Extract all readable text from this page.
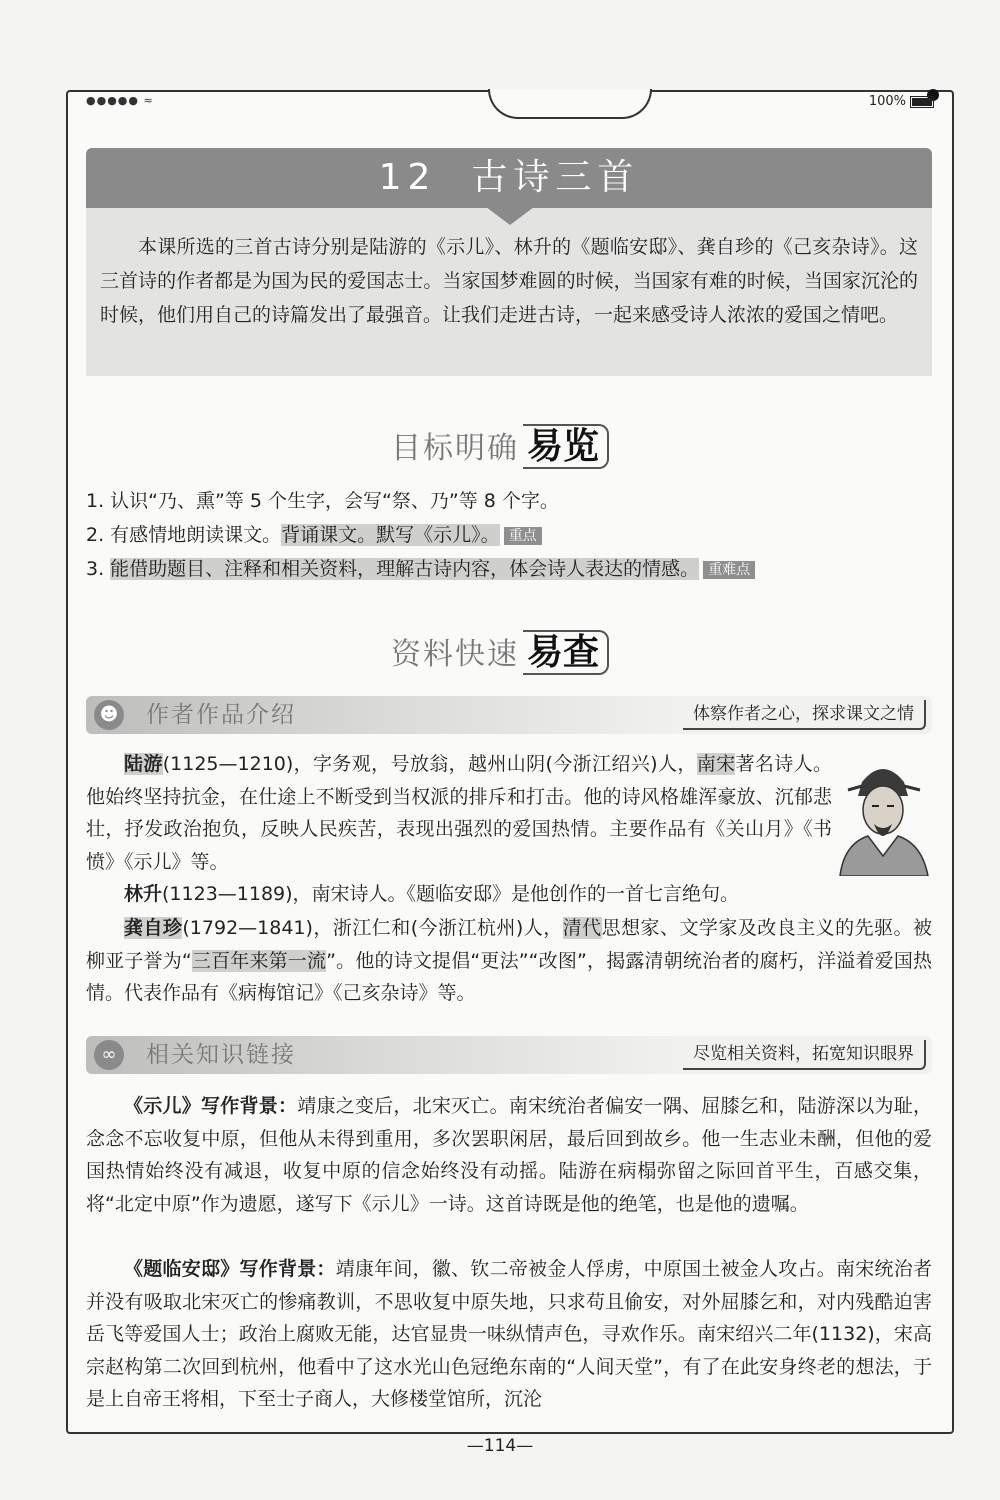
●●●●● ≈	100%
12 古诗三首

本课所选的三首古诗分别是陆游的《示儿》、林升的《题临安邸》、龚自珍的《己亥杂诗》。这三首诗的作者都是为国为民的爱国志士。当家国梦难圆的时候，当国家有难的时候，当国家沉沦的时候，他们用自己的诗篇发出了最强音。让我们走进古诗，一起来感受诗人浓浓的爱国之情吧。

目标明确 易览

1. 认识“乃、熏”等 5 个生字，会写“祭、乃”等 8 个字。

2. 有感情地朗读课文。背诵课文。默写《示儿》。 重点

3. 能借助题目、注释和相关资料，理解古诗内容，体会诗人表达的情感。 重难点

资料快速 易查
☻ 作者作品介绍	体察作者之心，探求课文之情

陆游(1125—1210)，字务观，号放翁，越州山阴(今浙江绍兴)人，南宋著名诗人。他始终坚持抗金，在仕途上不断受到当权派的排斥和打击。他的诗风格雄浑豪放、沉郁悲壮，抒发政治抱负，反映人民疾苦，表现出强烈的爱国热情。主要作品有《关山月》《书愤》《示儿》等。

林升(1123—1189)，南宋诗人。《题临安邸》是他创作的一首七言绝句。

龚自珍(1792—1841)，浙江仁和(今浙江杭州)人，清代思想家、文学家及改良主义的先驱。被柳亚子誉为“三百年来第一流”。他的诗文提倡“更法”“改图”，揭露清朝统治者的腐朽，洋溢着爱国热情。代表作品有《病梅馆记》《己亥杂诗》等。

∞	相关知识链接	尽览相关资料，拓宽知识眼界

《示儿》写作背景：靖康之变后，北宋灭亡。南宋统治者偏安一隅、屈膝乞和，陆游深以为耻，念念不忘收复中原，但他从未得到重用，多次罢职闲居，最后回到故乡。他一生志业未酬，但他的爱国热情始终没有减退，收复中原的信念始终没有动摇。陆游在病榻弥留之际回首平生，百感交集，将“北定中原”作为遗愿，遂写下《示儿》一诗。这首诗既是他的绝笔，也是他的遗嘱。

《题临安邸》写作背景：靖康年间，徽、钦二帝被金人俘虏，中原国土被金人攻占。南宋统治者并没有吸取北宋灭亡的惨痛教训，不思收复中原失地，只求苟且偷安，对外屈膝乞和，对内残酷迫害岳飞等爱国人士；政治上腐败无能，达官显贵一味纵情声色，寻欢作乐。南宋绍兴二年(1132)，宋高宗赵构第二次回到杭州，他看中了这水光山色冠绝东南的“人间天堂”，有了在此安身终老的想法，于是上自帝王将相，下至士子商人，大修楼堂馆所，沉沦

—114—
